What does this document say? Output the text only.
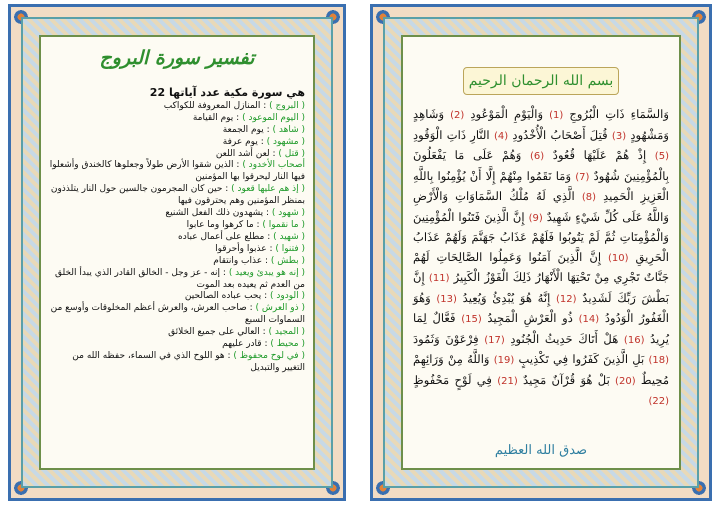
تفسير سورة البروج
هي سورة مكية عدد آياتها 22
( البروج ) : المنازل المعروفة للكواكب
( اليوم الموعود ) : يوم القيامة
( شاهد ) : يوم الجمعة
( مشهود ) : يوم عرفة
( قتل ) : لعن أشد اللعن
أصحاب الأخدود ) : الذين شقوا الأرض طولاً وجعلوها كالخندق وأشعلوا فيها النار ليحرقوا بها المؤمنين
( إذ هم عليها قعود ) : حين كان المجرمون جالسين حول النار يتلذذون بمنظر المؤمنين وهم يحترقون فيها
( شهود ) : يشهدون ذلك الفعل الشنيع
( ما نقموا ) : ما كرهوا وما عابوا
( شهيد ) : مطلع على أعمال عباده
( فتنوا ) : عذبوا وأحرقوا
( بطش ) : عذاب وانتقام
( إنه هو يبدئ ويعيد ) : إنه - عز وجل - الخالق القادر الذي يبدأ الخلق من العدم ثم يعيده بعد الموت
( الودود ) : يحب عباده الصالحين
( ذو العرش ) : صاحب العرش، والعرش أعظم المخلوقات وأوسع من السماوات السبع
( المجيد ) : العالي على جميع الخلائق
( محيط ) : قادر عليهم
( في لوح محفوظ ) : هو اللوح الذي في السماء، حفظه الله من التغيير والتبديل
بسم الله الرحمان الرحيم
وَالسَّمَاءِ ذَاتِ الْبُرُوجِ (1) وَالْيَوْمِ الْمَوْعُودِ (2) وَشَاهِدٍ وَمَشْهُودٍ (3) قُتِلَ أَصْحَابُ الْأُخْدُودِ (4) النَّارِ ذَاتِ الْوَقُودِ (5) إِذْ هُمْ عَلَيْهَا قُعُودٌ (6) وَهُمْ عَلَى مَا يَفْعَلُونَ بِالْمُؤْمِنِينَ شُهُودٌ (7) وَمَا نَقَمُوا مِنْهُمْ إِلَّا أَنْ يُؤْمِنُوا بِاللَّهِ الْعَزِيزِ الْحَمِيدِ (8) الَّذِي لَهُ مُلْكُ السَّمَاوَاتِ وَالْأَرْضِ وَاللَّهُ عَلَى كُلِّ شَيْءٍ شَهِيدٌ (9) إِنَّ الَّذِينَ فَتَنُوا الْمُؤْمِنِينَ وَالْمُؤْمِنَاتِ ثُمَّ لَمْ يَتُوبُوا فَلَهُمْ عَذَابُ جَهَنَّمَ وَلَهُمْ عَذَابُ الْحَرِيقِ (10) إِنَّ الَّذِينَ آمَنُوا وَعَمِلُوا الصَّالِحَاتِ لَهُمْ جَنَّاتٌ تَجْرِي مِنْ تَحْتِهَا الْأَنْهَارُ ذَلِكَ الْفَوْزُ الْكَبِيرُ (11) إِنَّ بَطْشَ رَبِّكَ لَشَدِيدٌ (12) إِنَّهُ هُوَ يُبْدِئُ وَيُعِيدُ (13) وَهُوَ الْغَفُورُ الْوَدُودُ (14) ذُو الْعَرْشِ الْمَجِيدُ (15) فَعَّالٌ لِمَا يُرِيدُ (16) هَلْ أَتَاكَ حَدِيثُ الْجُنُودِ (17) فِرْعَوْنَ وَثَمُودَ (18) بَلِ الَّذِينَ كَفَرُوا فِي تَكْذِيبٍ (19) وَاللَّهُ مِنْ وَرَائِهِمْ مُحِيطٌ (20) بَلْ هُوَ قُرْآنٌ مَجِيدٌ (21) فِي لَوْحٍ مَحْفُوظٍ (22)
صدق الله العظيم
